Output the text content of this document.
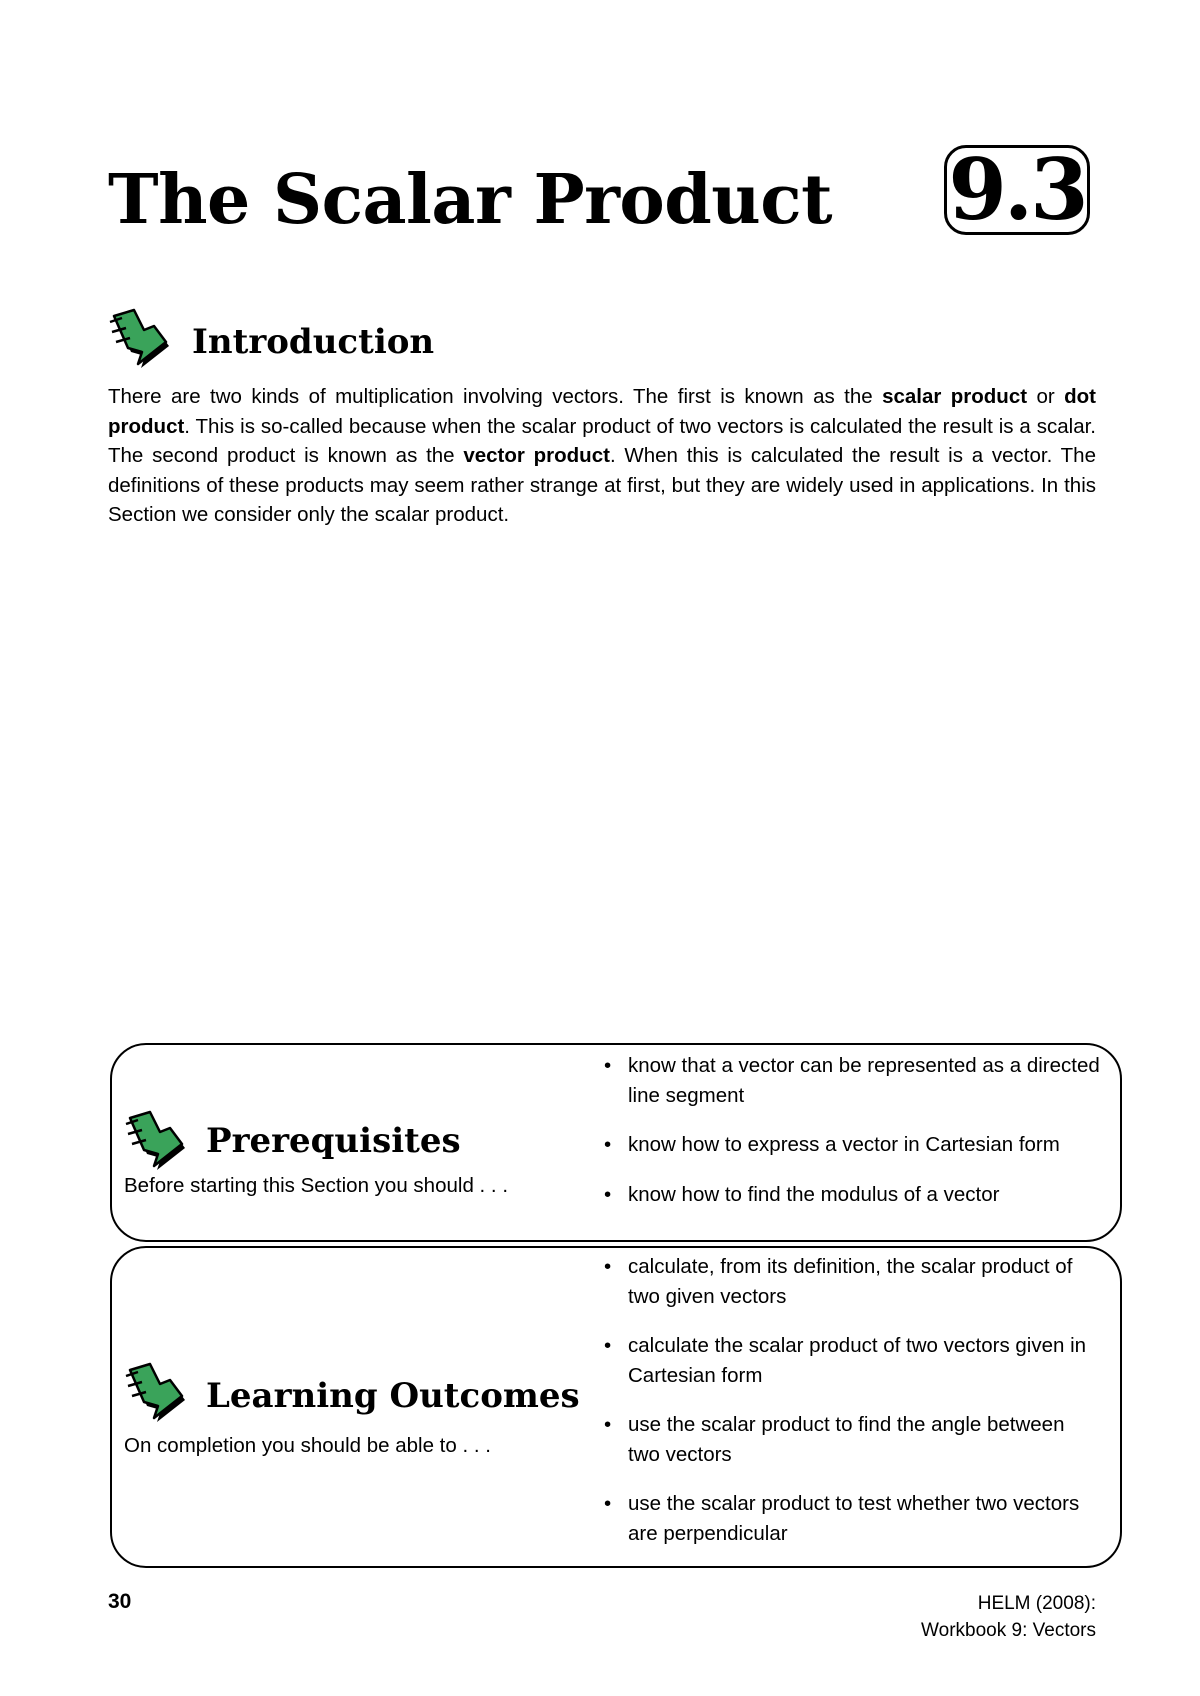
The Scalar Product 9.3
Introduction
There are two kinds of multiplication involving vectors. The first is known as the scalar product or dot product. This is so-called because when the scalar product of two vectors is calculated the result is a scalar. The second product is known as the vector product. When this is calculated the result is a vector. The definitions of these products may seem rather strange at first, but they are widely used in applications. In this Section we consider only the scalar product.
Prerequisites
Before starting this Section you should . . .
• know that a vector can be represented as a directed line segment
• know how to express a vector in Cartesian form
• know how to find the modulus of a vector
Learning Outcomes
On completion you should be able to . . .
• calculate, from its definition, the scalar product of two given vectors
• calculate the scalar product of two vectors given in Cartesian form
• use the scalar product to find the angle between two vectors
• use the scalar product to test whether two vectors are perpendicular
30	HELM (2008):
Workbook 9: Vectors
